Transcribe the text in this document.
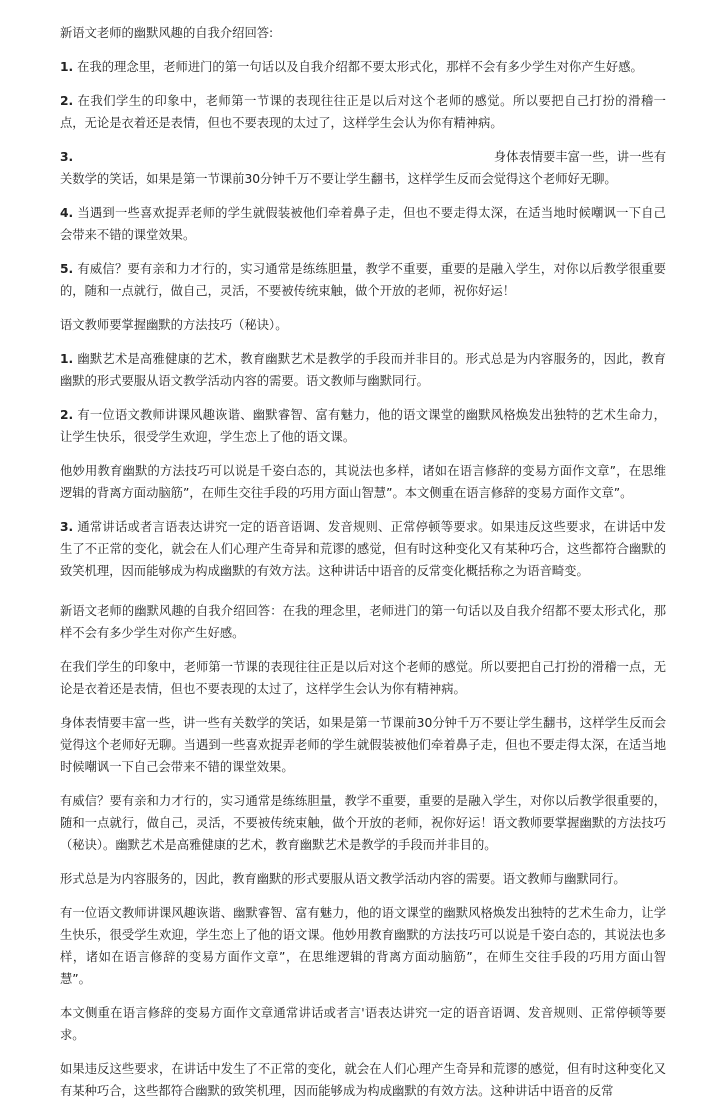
新语文老师的幽默风趣的自我介绍回答:

1. 在我的理念里，老师进门的第一句话以及自我介绍都不要太形式化，那样不会有多少学生对你产生好感。

2. 在我们学生的印象中，老师第一节课的表现往往正是以后对这个老师的感觉。所以要把自己打扮的滑稽一点，无论是衣着还是表情，但也不要表现的太过了，这样学生会认为你有精神病。

3.	身体表情要丰富一些，讲一些有
关数学的笑话，如果是第一节课前30分钟千万不要让学生翻书，这样学生反而会觉得这个老师好无聊。

4. 当遇到一些喜欢捉弄老师的学生就假装被他们牵着鼻子走，但也不要走得太深，在适当地时候嘲讽一下自己会带来不错的课堂效果。

5. 有威信？要有亲和力才行的，实习通常是练练胆量，教学不重要，重要的是融入学生，对你以后教学很重要的，随和一点就行，做自己，灵活，不要被传统束触，做个开放的老师，祝你好运！

语文教师要掌握幽默的方法技巧（秘诀）。

1. 幽默艺术是高雅健康的艺术，教育幽默艺术是教学的手段而并非目的。形式总是为内容服务的，因此，教育幽默的形式要服从语文教学活动内容的需要。语文教师与幽默同行。

2. 有一位语文教师讲课风趣诙谐、幽默睿智、富有魅力，他的语文课堂的幽默风格焕发出独特的艺术生命力，让学生快乐，很受学生欢迎，学生恋上了他的语文课。

他妙用教育幽默的方法技巧可以说是千姿白态的，其说法也多样，诸如在语言修辞的变易方面作文章”，在思维逻辑的背离方面动脑筋”，在师生交往手段的巧用方面山智慧”。本文侧重在语言修辞的变易方面作文章”。

3. 通常讲话或者言语表达讲究一定的语音语调、发音规则、正常停顿等要求。如果违反这些要求，在讲话中发生了不正常的变化，就会在人们心理产生奇异和荒谬的感觉，但有时这种变化又有某种巧合，这些都符合幽默的致笑机理，因而能够成为构成幽默的有效方法。这种讲话中语音的反常变化概括称之为语音畸变。

新语文老师的幽默风趣的自我介绍回答：在我的理念里，老师进门的第一句话以及自我介绍都不要太形式化，那样不会有多少学生对你产生好感。

在我们学生的印象中，老师第一节课的表现往往正是以后对这个老师的感觉。所以要把自己打扮的滑稽一点，无论是衣着还是表情，但也不要表现的太过了，这样学生会认为你有精神病。

身体表情要丰富一些，讲一些有关数学的笑话，如果是第一节课前30分钟千万不要让学生翻书，这样学生反而会觉得这个老师好无聊。当遇到一些喜欢捉弄老师的学生就假装被他们牵着鼻子走，但也不要走得太深，在适当地时候嘲讽一下自己会带来不错的课堂效果。

有威信？要有亲和力才行的，实习通常是练练胆量，教学不重要，重要的是融入学生，对你以后教学很重要的，随和一点就行，做自己，灵活，不要被传统束触，做个开放的老师，祝你好运！语文教师要掌握幽默的方法技巧（秘诀）。幽默艺术是高雅健康的艺术，教育幽默艺术是教学的手段而并非目的。

形式总是为内容服务的，因此，教育幽默的形式要服从语文教学活动内容的需要。语文教师与幽默同行。

有一位语文教师讲课风趣诙谐、幽默睿智、富有魅力，他的语文课堂的幽默风格焕发出独特的艺术生命力，让学生快乐，很受学生欢迎，学生恋上了他的语文课。他妙用教育幽默的方法技巧可以说是千姿白态的，其说法也多样，诸如在语言修辞的变易方面作文章”，在思维逻辑的背离方面动脑筋”，在师生交往手段的巧用方面山智慧”。

本文侧重在语言修辞的变易方面作文章通常讲话或者言'语表达讲究一定的语音语调、发音规则、正常停顿等要求。

如果违反这些要求，在讲话中发生了不正常的变化，就会在人们心理产生奇异和荒谬的感觉，但有时这种变化又有某种巧合，这些都符合幽默的致笑机理，因而能够成为构成幽默的有效方法。这种讲话中语音的反常
